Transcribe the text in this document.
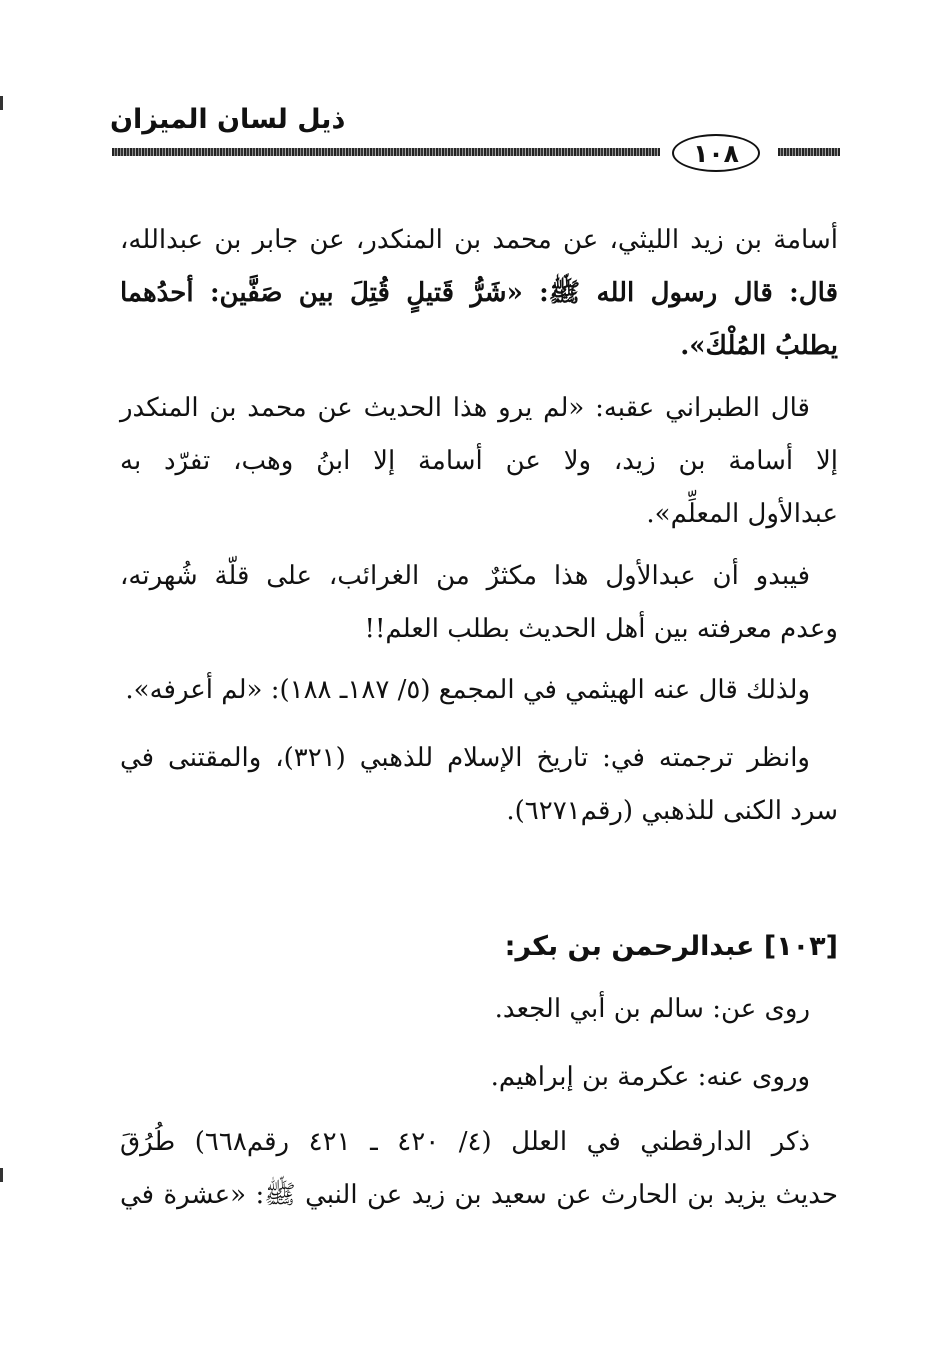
ذيل لسان الميزان
١٠٨
أسامة بن زيد الليثي، عن محمد بن المنكدر، عن جابر بن عبدالله،
قال: قال رسول الله ﷺ: «شَرُّ قَتيلٍ قُتِلَ بين صَفَّين: أحدُهما
يطلبُ المُلْكَ».
قال الطبراني عقبه: «لم يرو هذا الحديث عن محمد بن المنكدر
إلا أسامة بن زيد، ولا عن أسامة إلا ابنُ وهب، تفرّد به
عبدالأول المعلِّم».
فيبدو أن عبدالأول هذا مكثرٌ من الغرائب، على قلّة شُهرته،
وعدم معرفته بين أهل الحديث بطلب العلم!!
ولذلك قال عنه الهيثمي في المجمع (٥/ ١٨٧ـ ١٨٨): «لم أعرفه».
وانظر ترجمته في: تاريخ الإسلام للذهبي (٣٢١)، والمقتنى في
سرد الكنى للذهبي (رقم٦٢٧١).
[١٠٣] عبدالرحمن بن بكر:
روى عن: سالم بن أبي الجعد.
وروى عنه: عكرمة بن إبراهيم.
ذكر الدارقطني في العلل (٤/ ٤٢٠ ـ ٤٢١ رقم٦٦٨) طُرُقَ
حديث يزيد بن الحارث عن سعيد بن زيد عن النبي ﷺ: «عشرة في
